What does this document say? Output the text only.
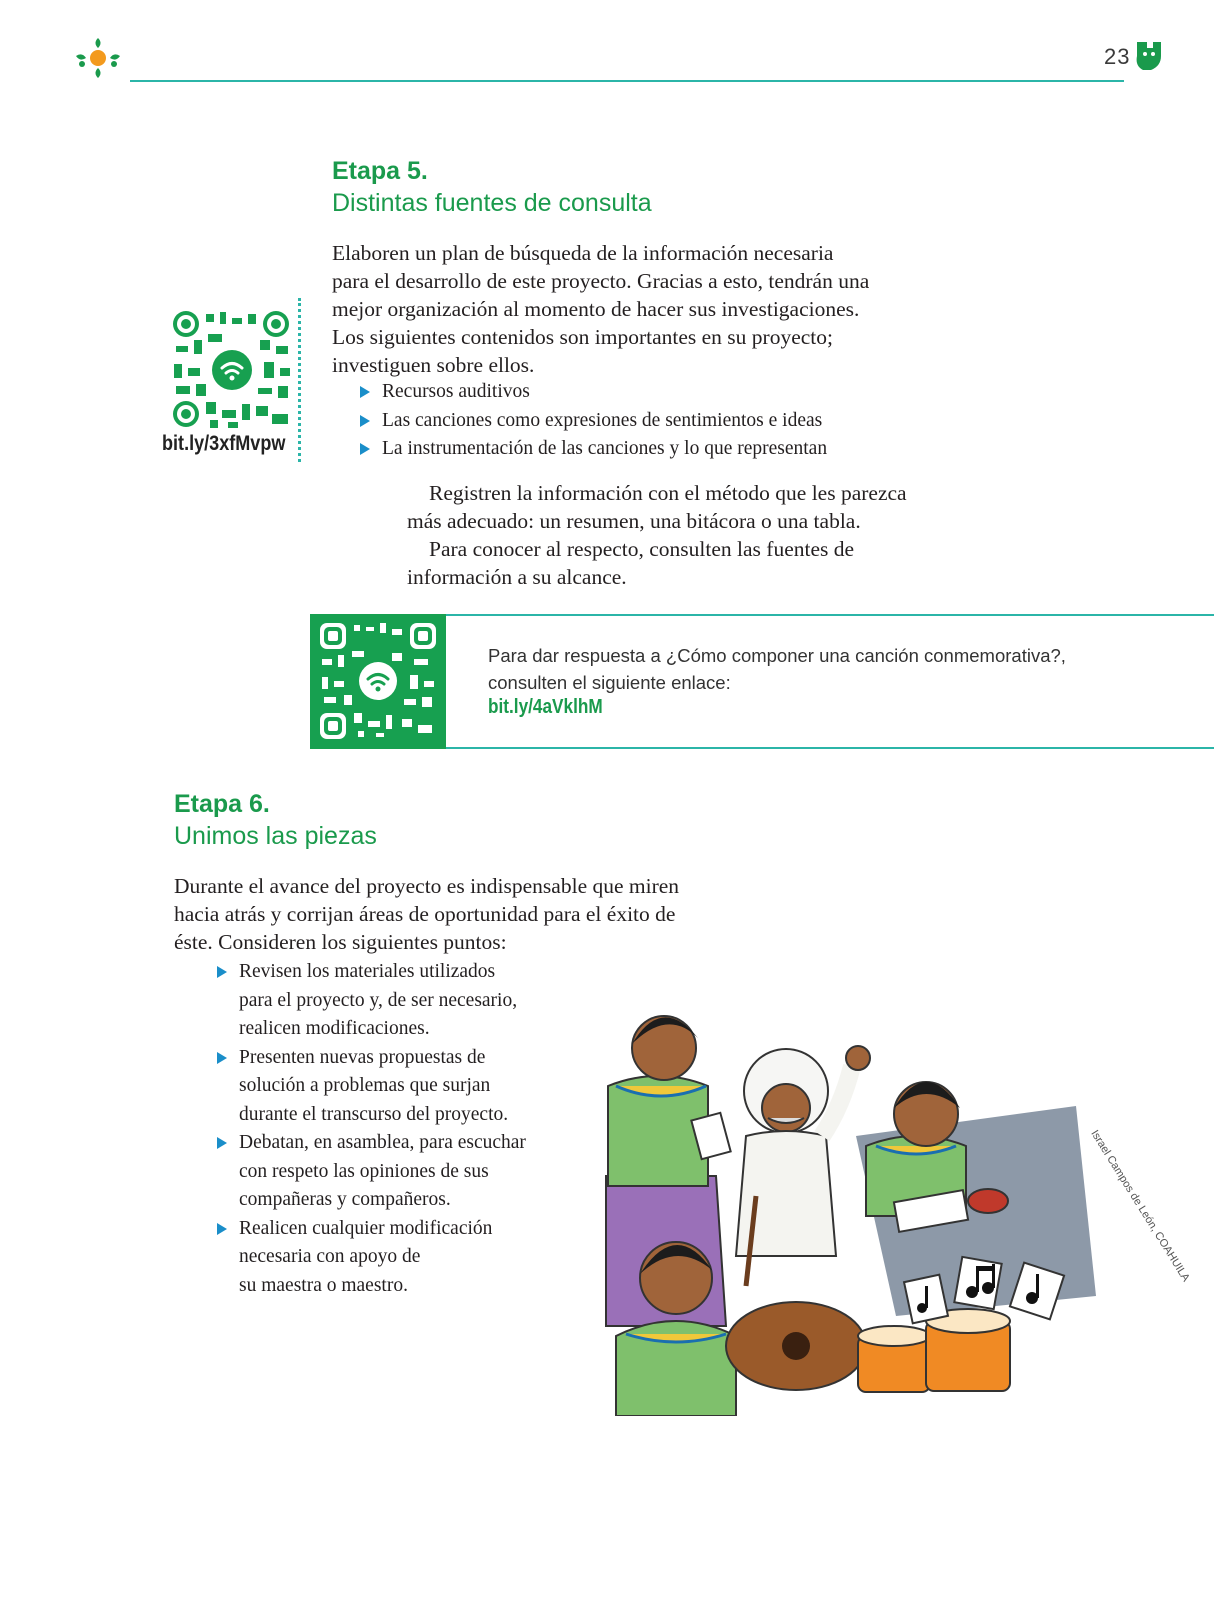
23
Etapa 5.
Distintas fuentes de consulta

Elaboren un plan de búsqueda de la información necesaria
para el desarrollo de este proyecto. Gracias a esto, tendrán una
mejor organización al momento de hacer sus investigaciones.
Los siguientes contenidos son importantes en su proyecto;
investiguen sobre ellos.

Recursos auditivos
Las canciones como expresiones de sentimientos e ideas
La instrumentación de las canciones y lo que representan

Registren la información con el método que les parezca
más adecuado: un resumen, una bitácora o una tabla.
Para conocer al respecto, consulten las fuentes de
información a su alcance.

bit.ly/3xfMvpw
Para dar respuesta a ¿Cómo componer una canción conmemorativa?,
consulten el siguiente enlace:
bit.ly/4aVklhM
Etapa 6.
Unimos las piezas

Durante el avance del proyecto es indispensable que miren
hacia atrás y corrijan áreas de oportunidad para el éxito de
éste. Consideren los siguientes puntos:

Revisen los materiales utilizados
para el proyecto y, de ser necesario,
realicen modificaciones.
Presenten nuevas propuestas de
solución a problemas que surjan
durante el transcurso del proyecto.
Debatan, en asamblea, para escuchar
con respeto las opiniones de sus
compañeras y compañeros.
Realicen cualquier modificación
necesaria con apoyo de
su maestra o maestro.
Israel Campos de León, COAHUILA
